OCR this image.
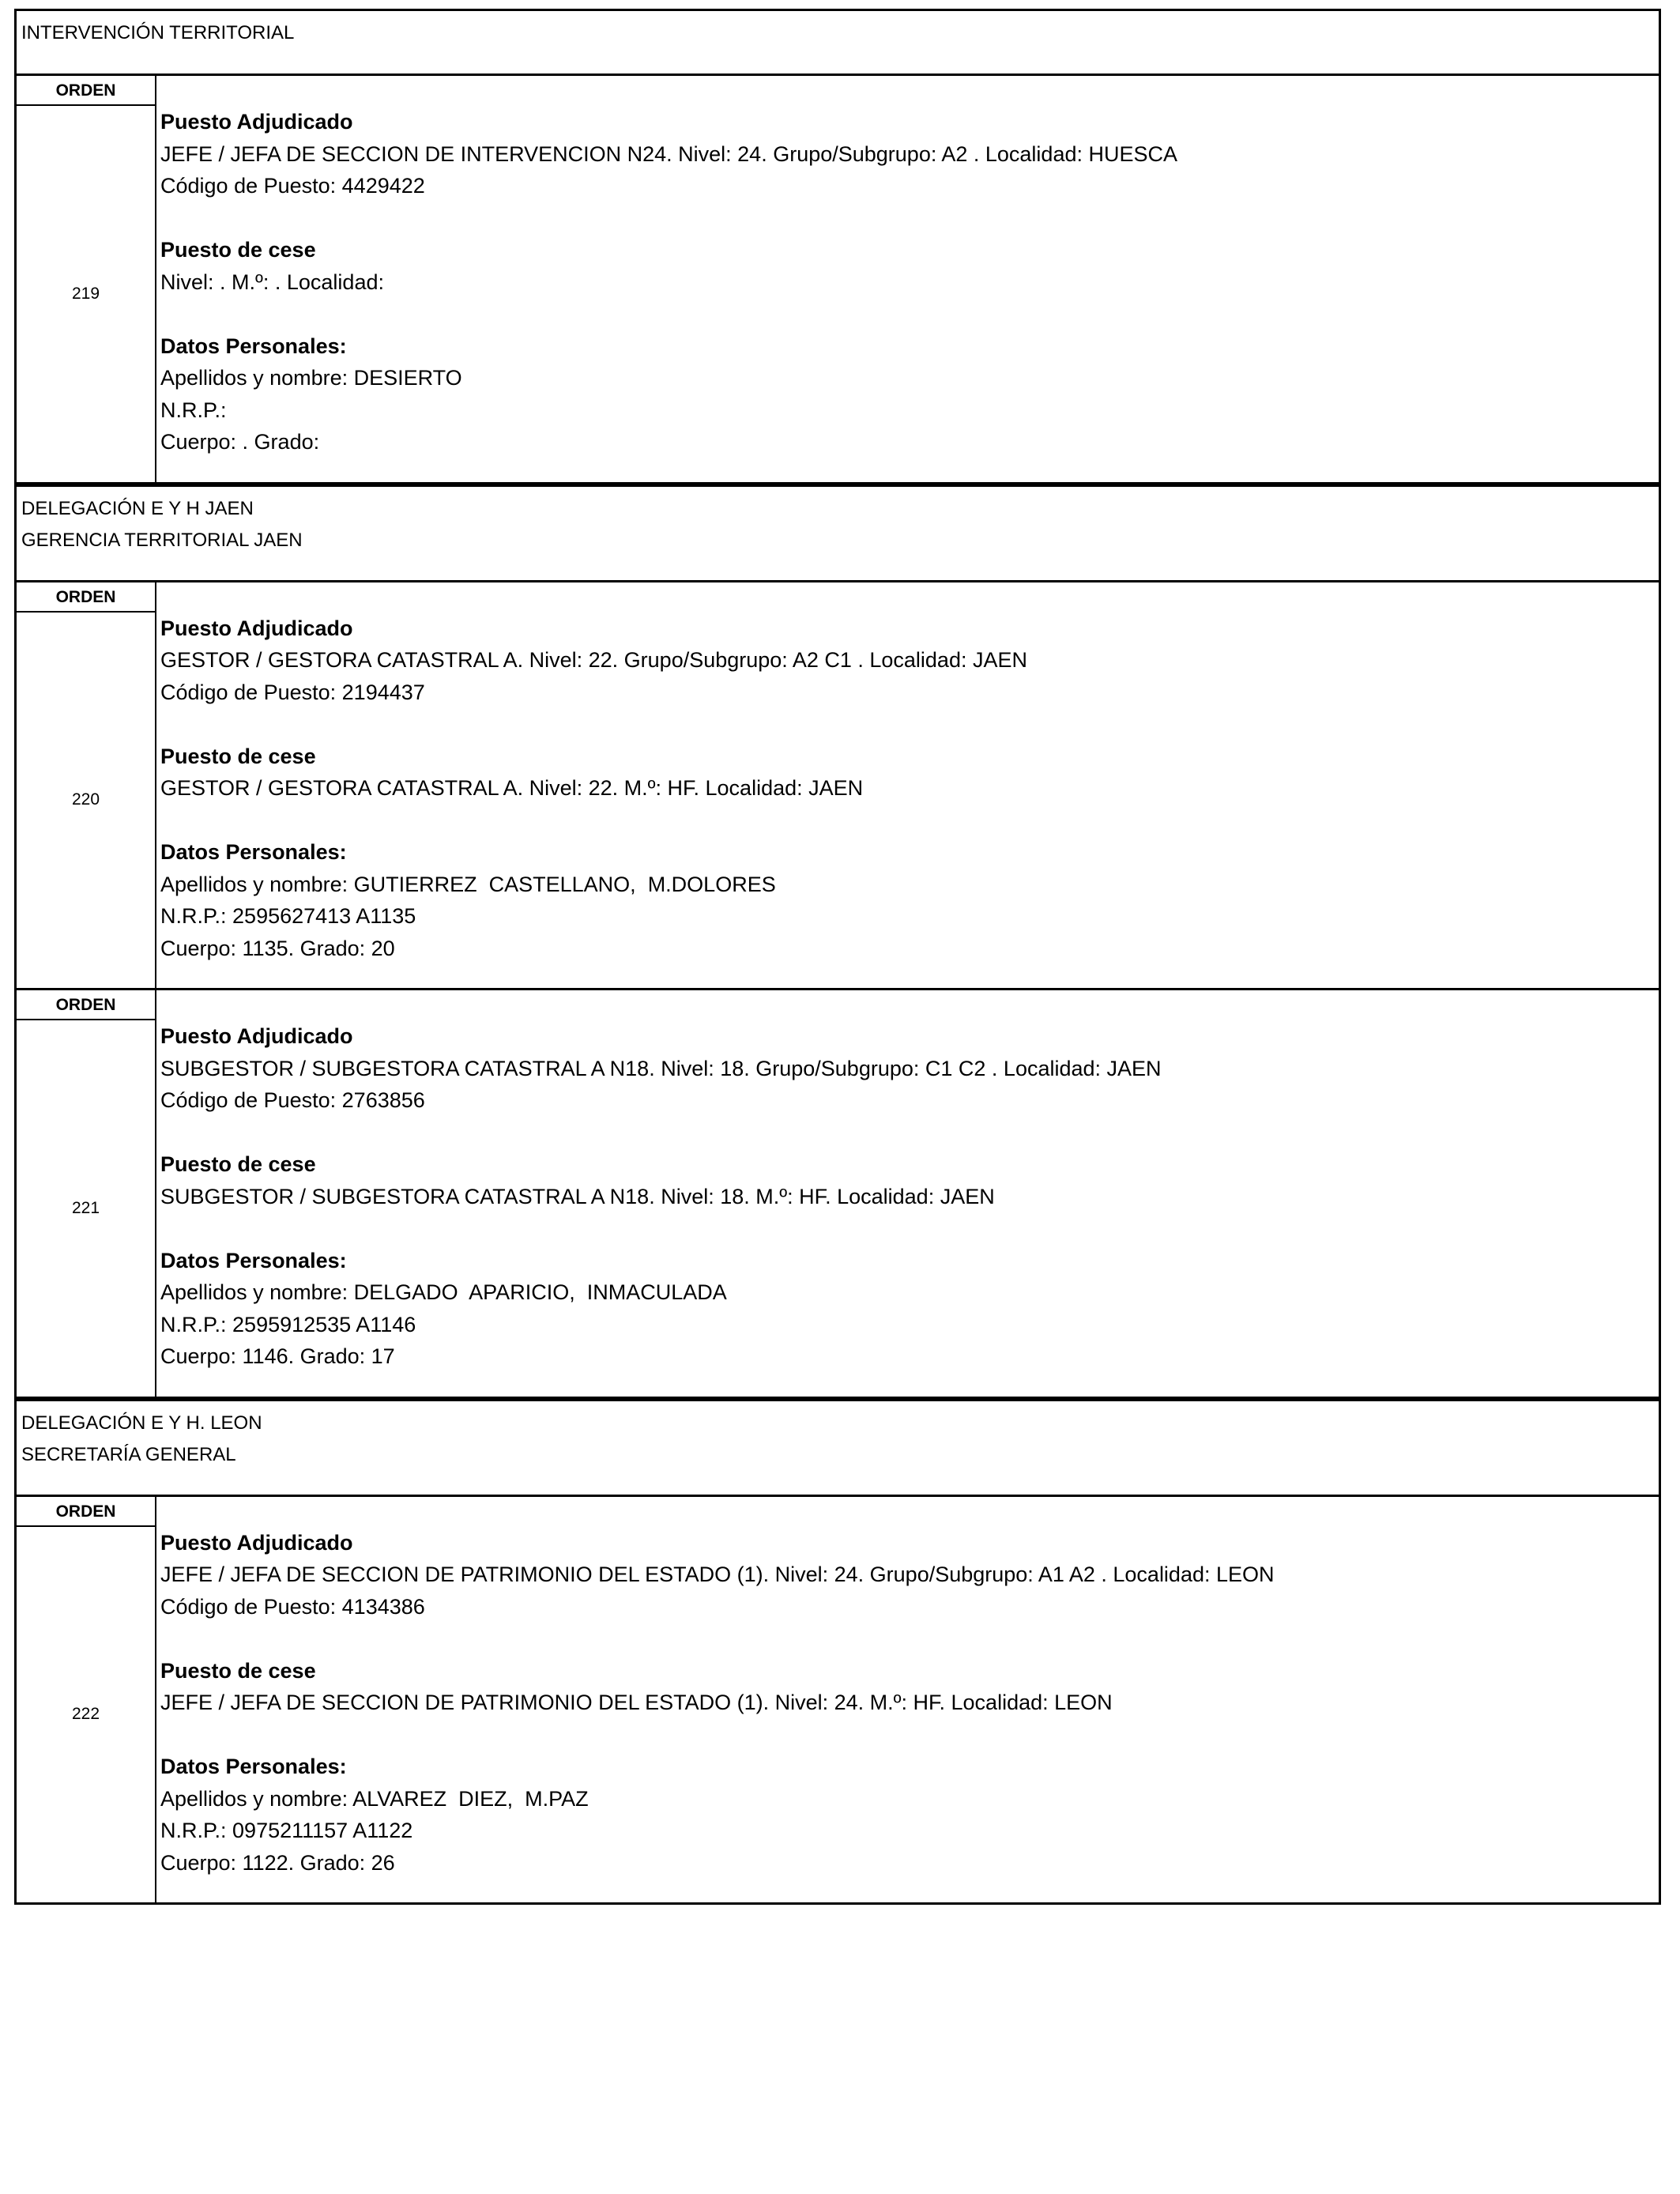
INTERVENCIÓN TERRITORIAL
ORDEN
219
Puesto Adjudicado
JEFE / JEFA DE SECCION DE INTERVENCION N24. Nivel: 24. Grupo/Subgrupo: A2 . Localidad: HUESCA
Código de Puesto: 4429422
Puesto de cese
Nivel: . M.º: . Localidad:
Datos Personales:
Apellidos y nombre: DESIERTO
N.R.P.:
Cuerpo: . Grado:
DELEGACIÓN E Y H JAEN
GERENCIA TERRITORIAL JAEN
ORDEN
220
Puesto Adjudicado
GESTOR / GESTORA CATASTRAL A. Nivel: 22. Grupo/Subgrupo: A2 C1 . Localidad: JAEN
Código de Puesto: 2194437
Puesto de cese
GESTOR / GESTORA CATASTRAL A. Nivel: 22. M.º: HF. Localidad: JAEN
Datos Personales:
Apellidos y nombre: GUTIERREZ  CASTELLANO,  M.DOLORES
N.R.P.: 2595627413 A1135
Cuerpo: 1135. Grado: 20
ORDEN
221
Puesto Adjudicado
SUBGESTOR / SUBGESTORA CATASTRAL A N18. Nivel: 18. Grupo/Subgrupo: C1 C2 . Localidad: JAEN
Código de Puesto: 2763856
Puesto de cese
SUBGESTOR / SUBGESTORA CATASTRAL A N18. Nivel: 18. M.º: HF. Localidad: JAEN
Datos Personales:
Apellidos y nombre: DELGADO  APARICIO,  INMACULADA
N.R.P.: 2595912535 A1146
Cuerpo: 1146. Grado: 17
DELEGACIÓN E Y H. LEON
SECRETARÍA GENERAL
ORDEN
222
Puesto Adjudicado
JEFE / JEFA DE SECCION DE PATRIMONIO DEL ESTADO (1). Nivel: 24. Grupo/Subgrupo: A1 A2 . Localidad: LEON
Código de Puesto: 4134386
Puesto de cese
JEFE / JEFA DE SECCION DE PATRIMONIO DEL ESTADO (1). Nivel: 24. M.º: HF. Localidad: LEON
Datos Personales:
Apellidos y nombre: ALVAREZ  DIEZ,  M.PAZ
N.R.P.: 0975211157 A1122
Cuerpo: 1122. Grado: 26
